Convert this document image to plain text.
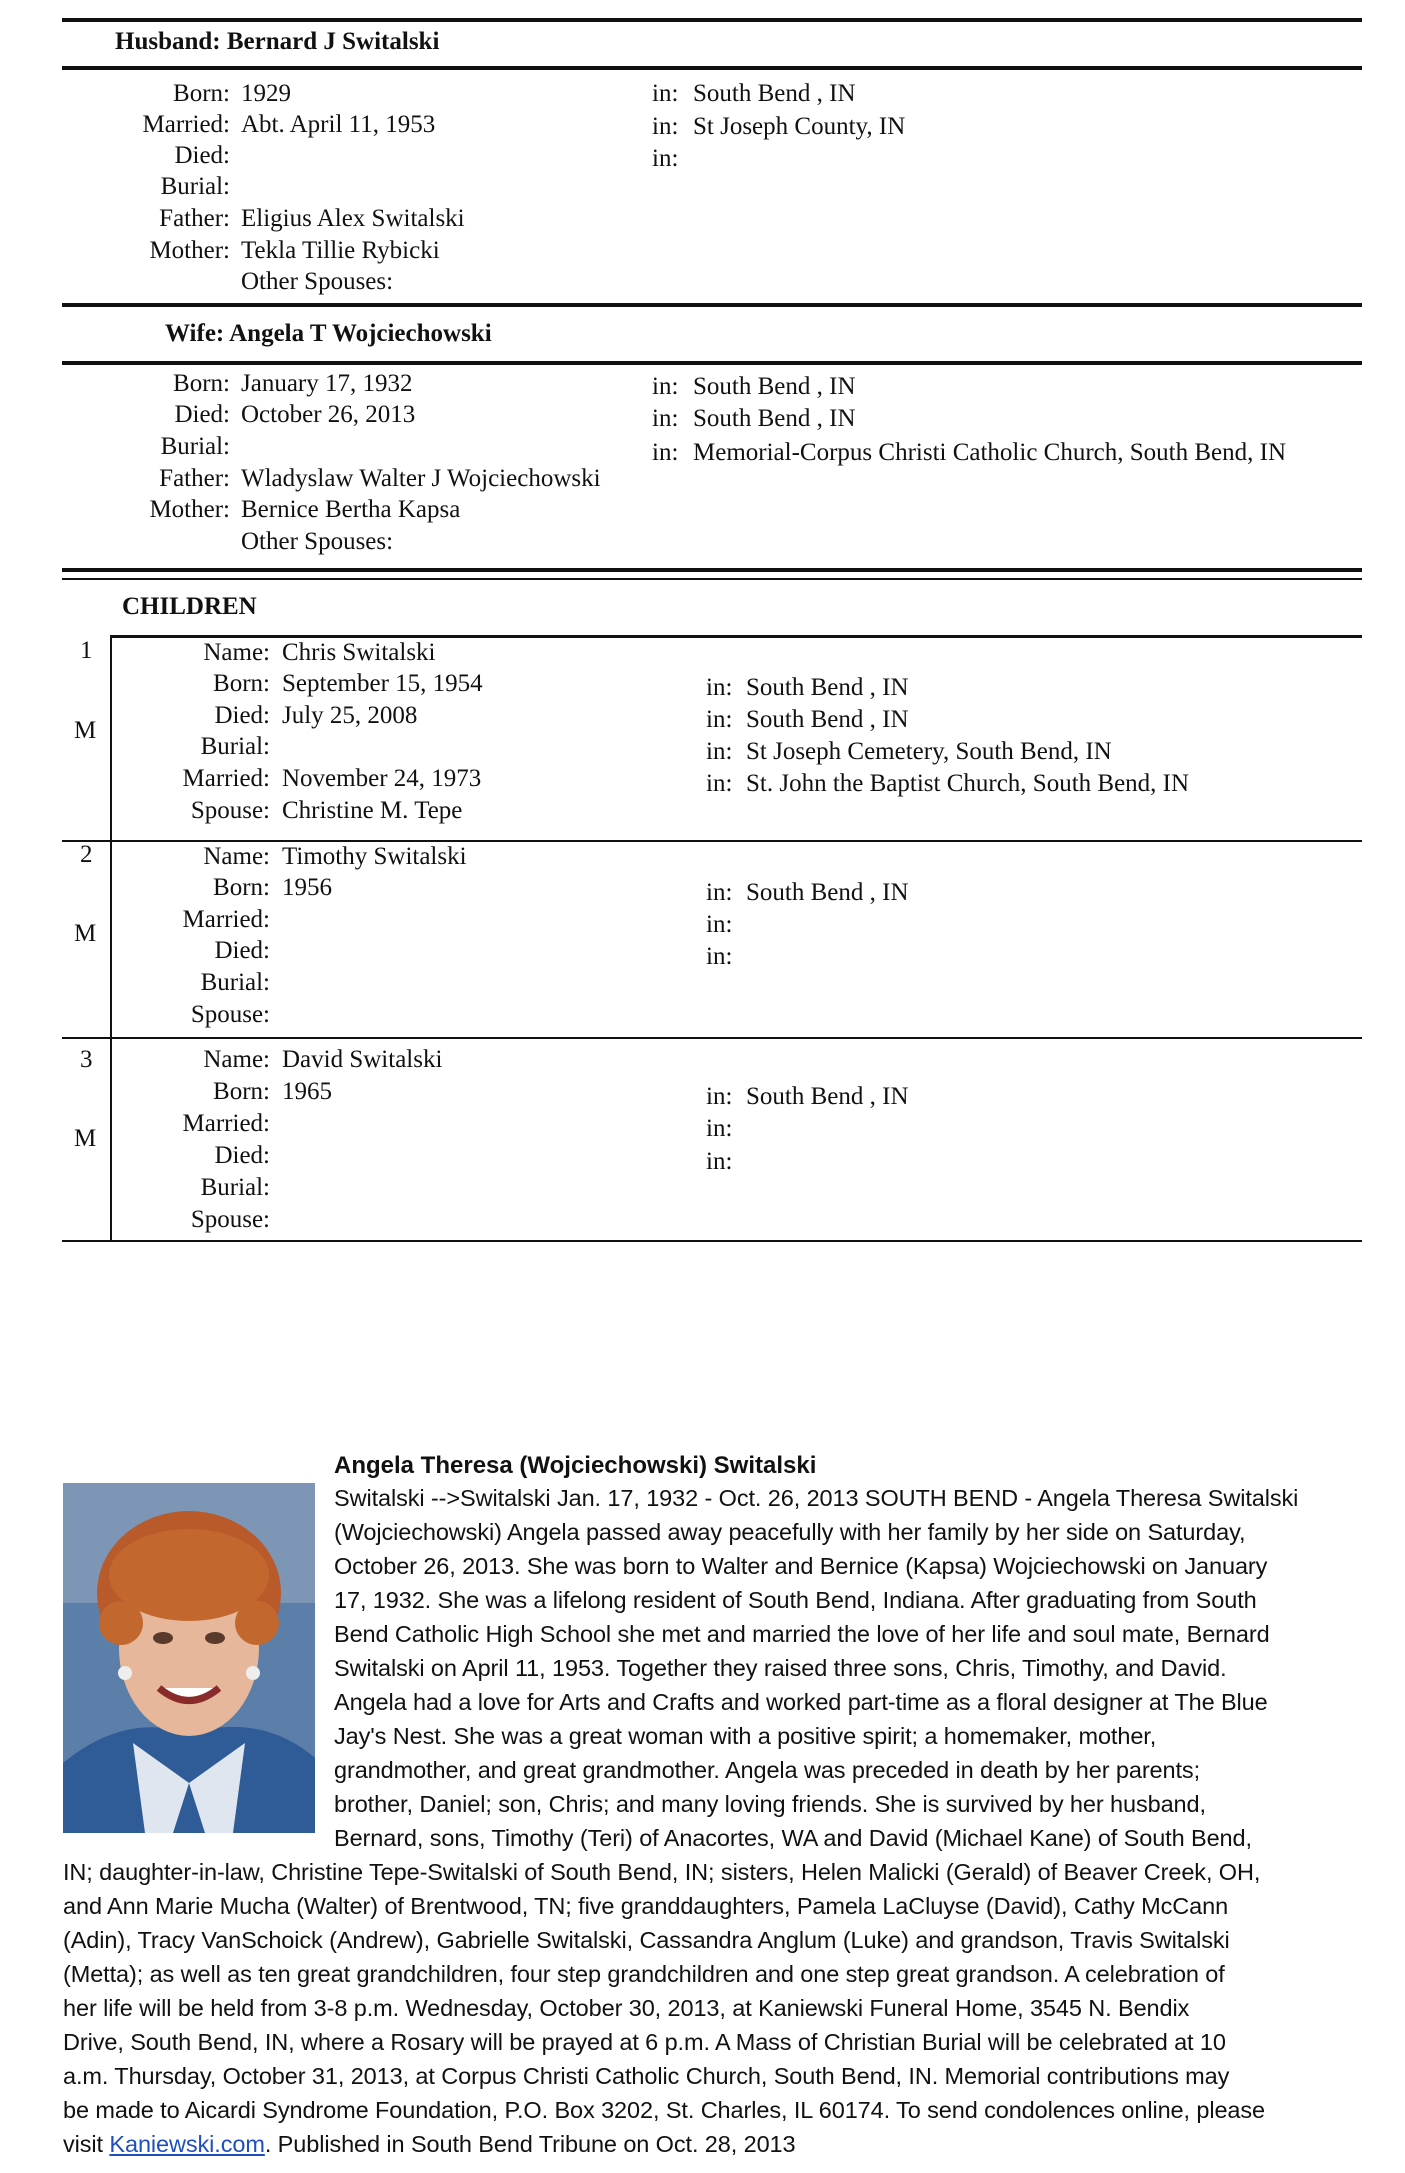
Husband: Bernard J Switalski
Born: 1929	in: South Bend , IN
Married: Abt. April 11, 1953	in: St Joseph County, IN
Died:	in:
Burial:
Father: Eligius Alex Switalski
Mother: Tekla Tillie Rybicki
Other Spouses:
Wife: Angela T Wojciechowski
Born: January 17, 1932	in: South Bend , IN
Died: October 26, 2013	in: South Bend , IN
Burial:	in: Memorial-Corpus Christi Catholic Church, South Bend, IN
Father: Wladyslaw Walter J Wojciechowski
Mother: Bernice Bertha Kapsa
Other Spouses:
CHILDREN
1
M
Name: Chris Switalski
Born: September 15, 1954	in: South Bend , IN
Died: July 25, 2008	in: South Bend , IN
Burial:	in: St Joseph Cemetery, South Bend, IN
Married: November 24, 1973	in: St. John the Baptist Church, South Bend, IN
Spouse: Christine M. Tepe
2
M
Name: Timothy Switalski
Born: 1956	in: South Bend , IN
Married:	in:
Died:	in:
Burial:
Spouse:
3
M
Name: David Switalski
Born: 1965	in: South Bend , IN
Married:	in:
Died:	in:
Burial:
Spouse:
Angela Theresa (Wojciechowski) Switalski
Switalski -->Switalski Jan. 17, 1932 - Oct. 26, 2013 SOUTH BEND - Angela Theresa Switalski
(Wojciechowski) Angela passed away peacefully with her family by her side on Saturday,
October 26, 2013. She was born to Walter and Bernice (Kapsa) Wojciechowski on January
17, 1932. She was a lifelong resident of South Bend, Indiana. After graduating from South
Bend Catholic High School she met and married the love of her life and soul mate, Bernard
Switalski on April 11, 1953. Together they raised three sons, Chris, Timothy, and David.
Angela had a love for Arts and Crafts and worked part-time as a floral designer at The Blue
Jay's Nest. She was a great woman with a positive spirit; a homemaker, mother,
grandmother, and great grandmother. Angela was preceded in death by her parents;
brother, Daniel; son, Chris; and many loving friends. She is survived by her husband,
Bernard, sons, Timothy (Teri) of Anacortes, WA and David (Michael Kane) of South Bend,
IN; daughter-in-law, Christine Tepe-Switalski of South Bend, IN; sisters, Helen Malicki (Gerald) of Beaver Creek, OH,
and Ann Marie Mucha (Walter) of Brentwood, TN; five granddaughters, Pamela LaCluyse (David), Cathy McCann
(Adin), Tracy VanSchoick (Andrew), Gabrielle Switalski, Cassandra Anglum (Luke) and grandson, Travis Switalski
(Metta); as well as ten great grandchildren, four step grandchildren and one step great grandson. A celebration of
her life will be held from 3-8 p.m. Wednesday, October 30, 2013, at Kaniewski Funeral Home, 3545 N. Bendix
Drive, South Bend, IN, where a Rosary will be prayed at 6 p.m. A Mass of Christian Burial will be celebrated at 10
a.m. Thursday, October 31, 2013, at Corpus Christi Catholic Church, South Bend, IN. Memorial contributions may
be made to Aicardi Syndrome Foundation, P.O. Box 3202, St. Charles, IL 60174. To send condolences online, please
visit Kaniewski.com. Published in South Bend Tribune on Oct. 28, 2013
